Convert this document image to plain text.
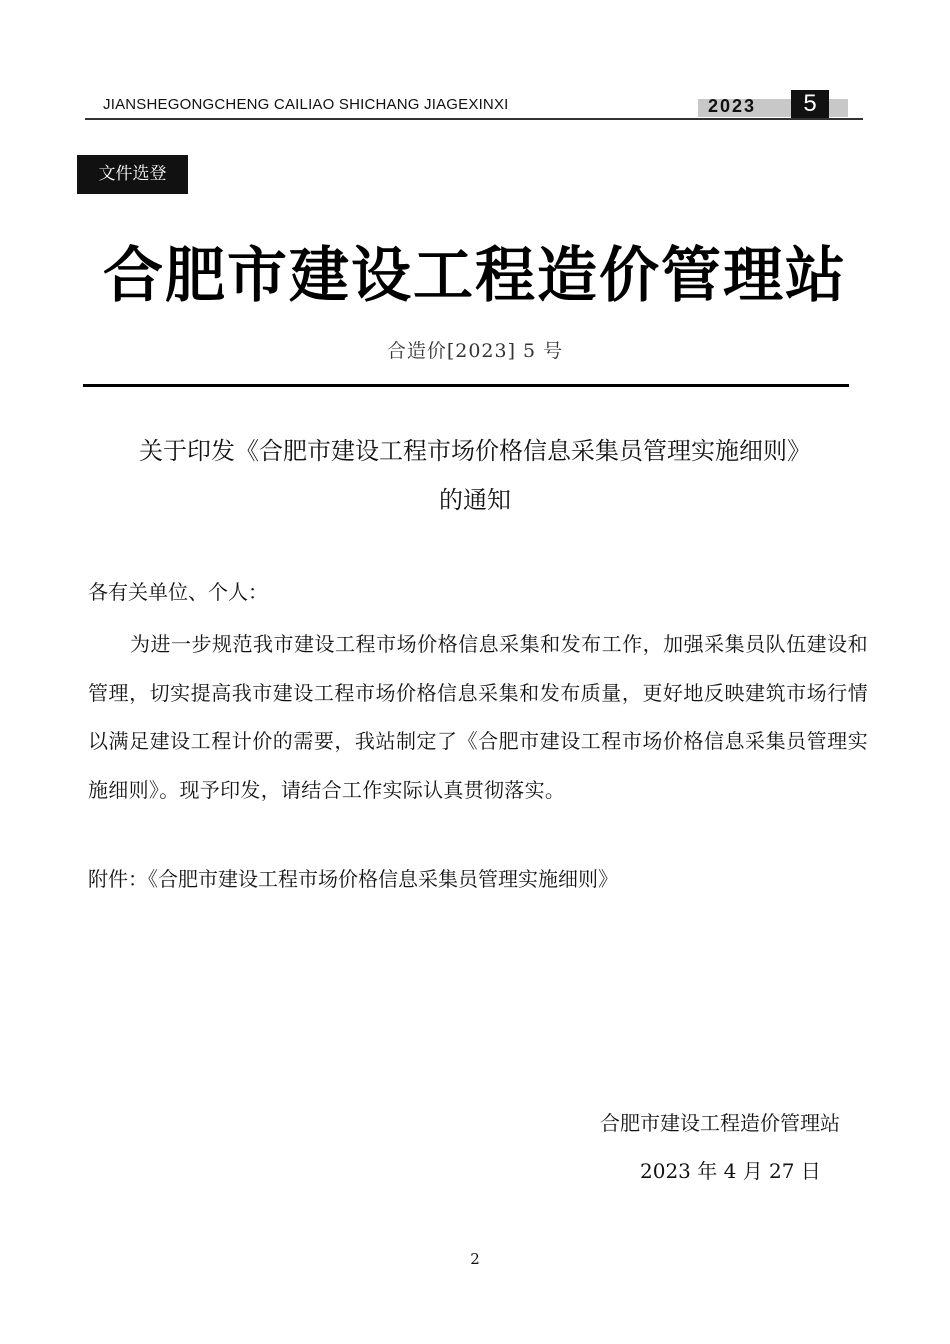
JIANSHEGONGCHENG CAILIAO SHICHANG JIAGEXINXI	2023	5
文件选登
合肥市建设工程造价管理站
合造价[2023] 5 号
关于印发《合肥市建设工程市场价格信息采集员管理实施细则》
的通知
各有关单位、个人：
为进一步规范我市建设工程市场价格信息采集和发布工作，加强采集员队伍建设和管理，切实提高我市建设工程市场价格信息采集和发布质量，更好地反映建筑市场行情以满足建设工程计价的需要，我站制定了《合肥市建设工程市场价格信息采集员管理实施细则》。现予印发，请结合工作实际认真贯彻落实。
附件：《合肥市建设工程市场价格信息采集员管理实施细则》
合肥市建设工程造价管理站
2023 年 4 月 27 日
2
